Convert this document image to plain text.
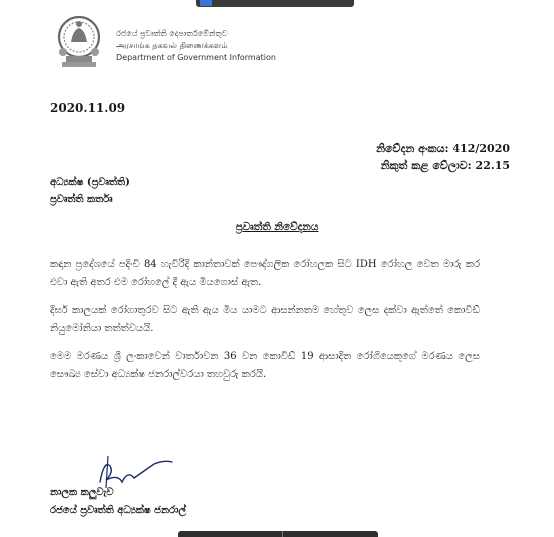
රජයේ ප්‍රවෘත්ති දෙපාර්තමේන්තුව
அரசாங்க தகவல் திணைக்களம்
Department of Government Information
2020.11.09
නිවේදන අංකය: 412/2020
නිකුත් කළ වේලාව: 22.15
අධ්‍යක්ෂ (ප්‍රවෘත්ති)
ප්‍රවෘත්ති කර්තෘ
ප්‍රවෘත්ති නිවේදනය
කඳාන ප්‍රදේශයේ පදිංචි 84 හැවිරිදි කාන්තාවක් පෞද්ගලික රෝහලක සිට IDH රෝහල වෙත මාරු කර එවා ඇති අතර එම රෝහලේ දී ඇය මියගොස් ඇත.
දීර්ඝ කාලයක් රෝගාතුරව සිට ඇති ඇය මිය යාමට ආසන්නතම හේතුව ලෙස දක්වා ඇත්තේ කොවිඩ් නියුමෝනියා තත්ත්වයයි.
මෙම මරණය ශ්‍රී ලංකාවෙන් වාර්තාවන 36 වන කොවිඩ් 19 ආසාදිත රෝගියෙකුගේ මරණය ලෙස සෞඛ්‍ය සේවා අධ්‍යක්ෂ ජනරාල්වරයා තහවුරු කරයි.
නාලක කලුවැව
රජයේ ප්‍රවෘත්ති අධ්‍යක්ෂ ජනරාල්
